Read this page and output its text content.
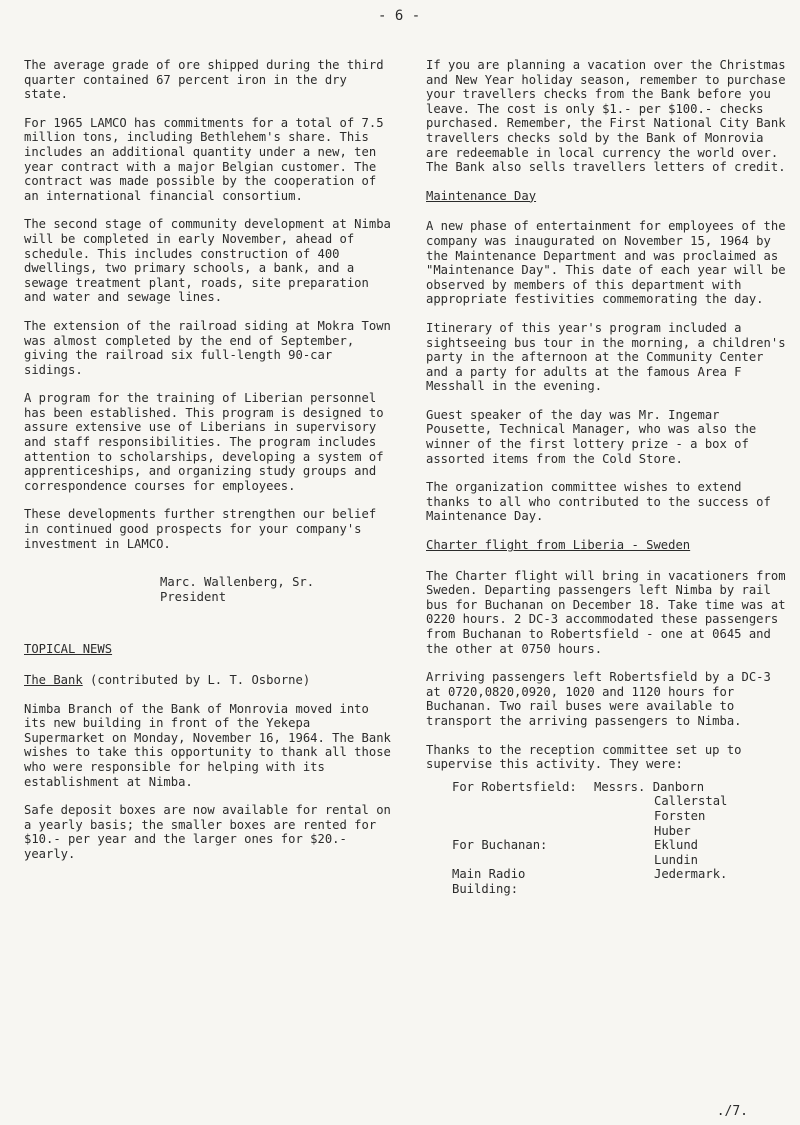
- 6 -

The average grade of ore shipped during the third quarter contained 67 percent iron in the dry state.

For 1965 LAMCO has commitments for a total of 7.5 million tons, including Bethlehem's share. This includes an additional quantity under a new, ten year contract with a major Belgian customer. The contract was made possible by the cooperation of an international financial consortium.

The second stage of community development at Nimba will be completed in early November, ahead of schedule. This includes construction of 400 dwellings, two primary schools, a bank, and a sewage treatment plant, roads, site preparation and water and sewage lines.

The extension of the railroad siding at Mokra Town was almost completed by the end of September, giving the railroad six full-length 90-car sidings.

A program for the training of Liberian personnel has been established. This program is designed to assure extensive use of Liberians in supervisory and staff responsibilities. The program includes attention to scholarships, developing a system of apprenticeships, and organizing study groups and correspondence courses for employees.

These developments further strengthen our belief in continued good prospects for your company's investment in LAMCO.

Marc. Wallenberg, Sr.
President

TOPICAL NEWS

The Bank (contributed by L. T. Osborne)

Nimba Branch of the Bank of Monrovia moved into its new building in front of the Yekepa Supermarket on Monday, November 16, 1964. The Bank wishes to take this opportunity to thank all those who were responsible for helping with its establishment at Nimba.

Safe deposit boxes are now available for rental on a yearly basis; the smaller boxes are rented for $10.- per year and the larger ones for $20.- yearly.

If you are planning a vacation over the Christmas and New Year holiday season, remember to purchase your travellers checks from the Bank before you leave. The cost is only $1.- per $100.- checks purchased. Remember, the First National City Bank travellers checks sold by the Bank of Monrovia are redeemable in local currency the world over. The Bank also sells travellers letters of credit.

Maintenance Day

A new phase of entertainment for employees of the company was inaugurated on November 15, 1964 by the Maintenance Department and was proclaimed as "Maintenance Day". This date of each year will be observed by members of this department with appropriate festivities commemorating the day.

Itinerary of this year's program included a sightseeing bus tour in the morning, a children's party in the afternoon at the Community Center and a party for adults at the famous Area F Messhall in the evening.

Guest speaker of the day was Mr. Ingemar Pousette, Technical Manager, who was also the winner of the first lottery prize - a box of assorted items from the Cold Store.

The organization committee wishes to extend thanks to all who contributed to the success of Maintenance Day.

Charter flight from Liberia - Sweden

The Charter flight will bring in vacationers from Sweden. Departing passengers left Nimba by rail bus for Buchanan on December 18. Take time was at 0220 hours. 2 DC-3 accommodated these passengers from Buchanan to Robertsfield - one at 0645 and the other at 0750 hours.

Arriving passengers left Robertsfield by a DC-3 at 0720,0820,0920, 1020 and 1120 hours for Buchanan. Two rail buses were available to transport the arriving passengers to Nimba.

Thanks to the reception committee set up to supervise this activity. They were:

For Robertsfield:	Messrs. Danborn
Callerstal
Forsten
Huber
For Buchanan:	Eklund
Lundin
Main Radio Building:
Jedermark.
./7.
